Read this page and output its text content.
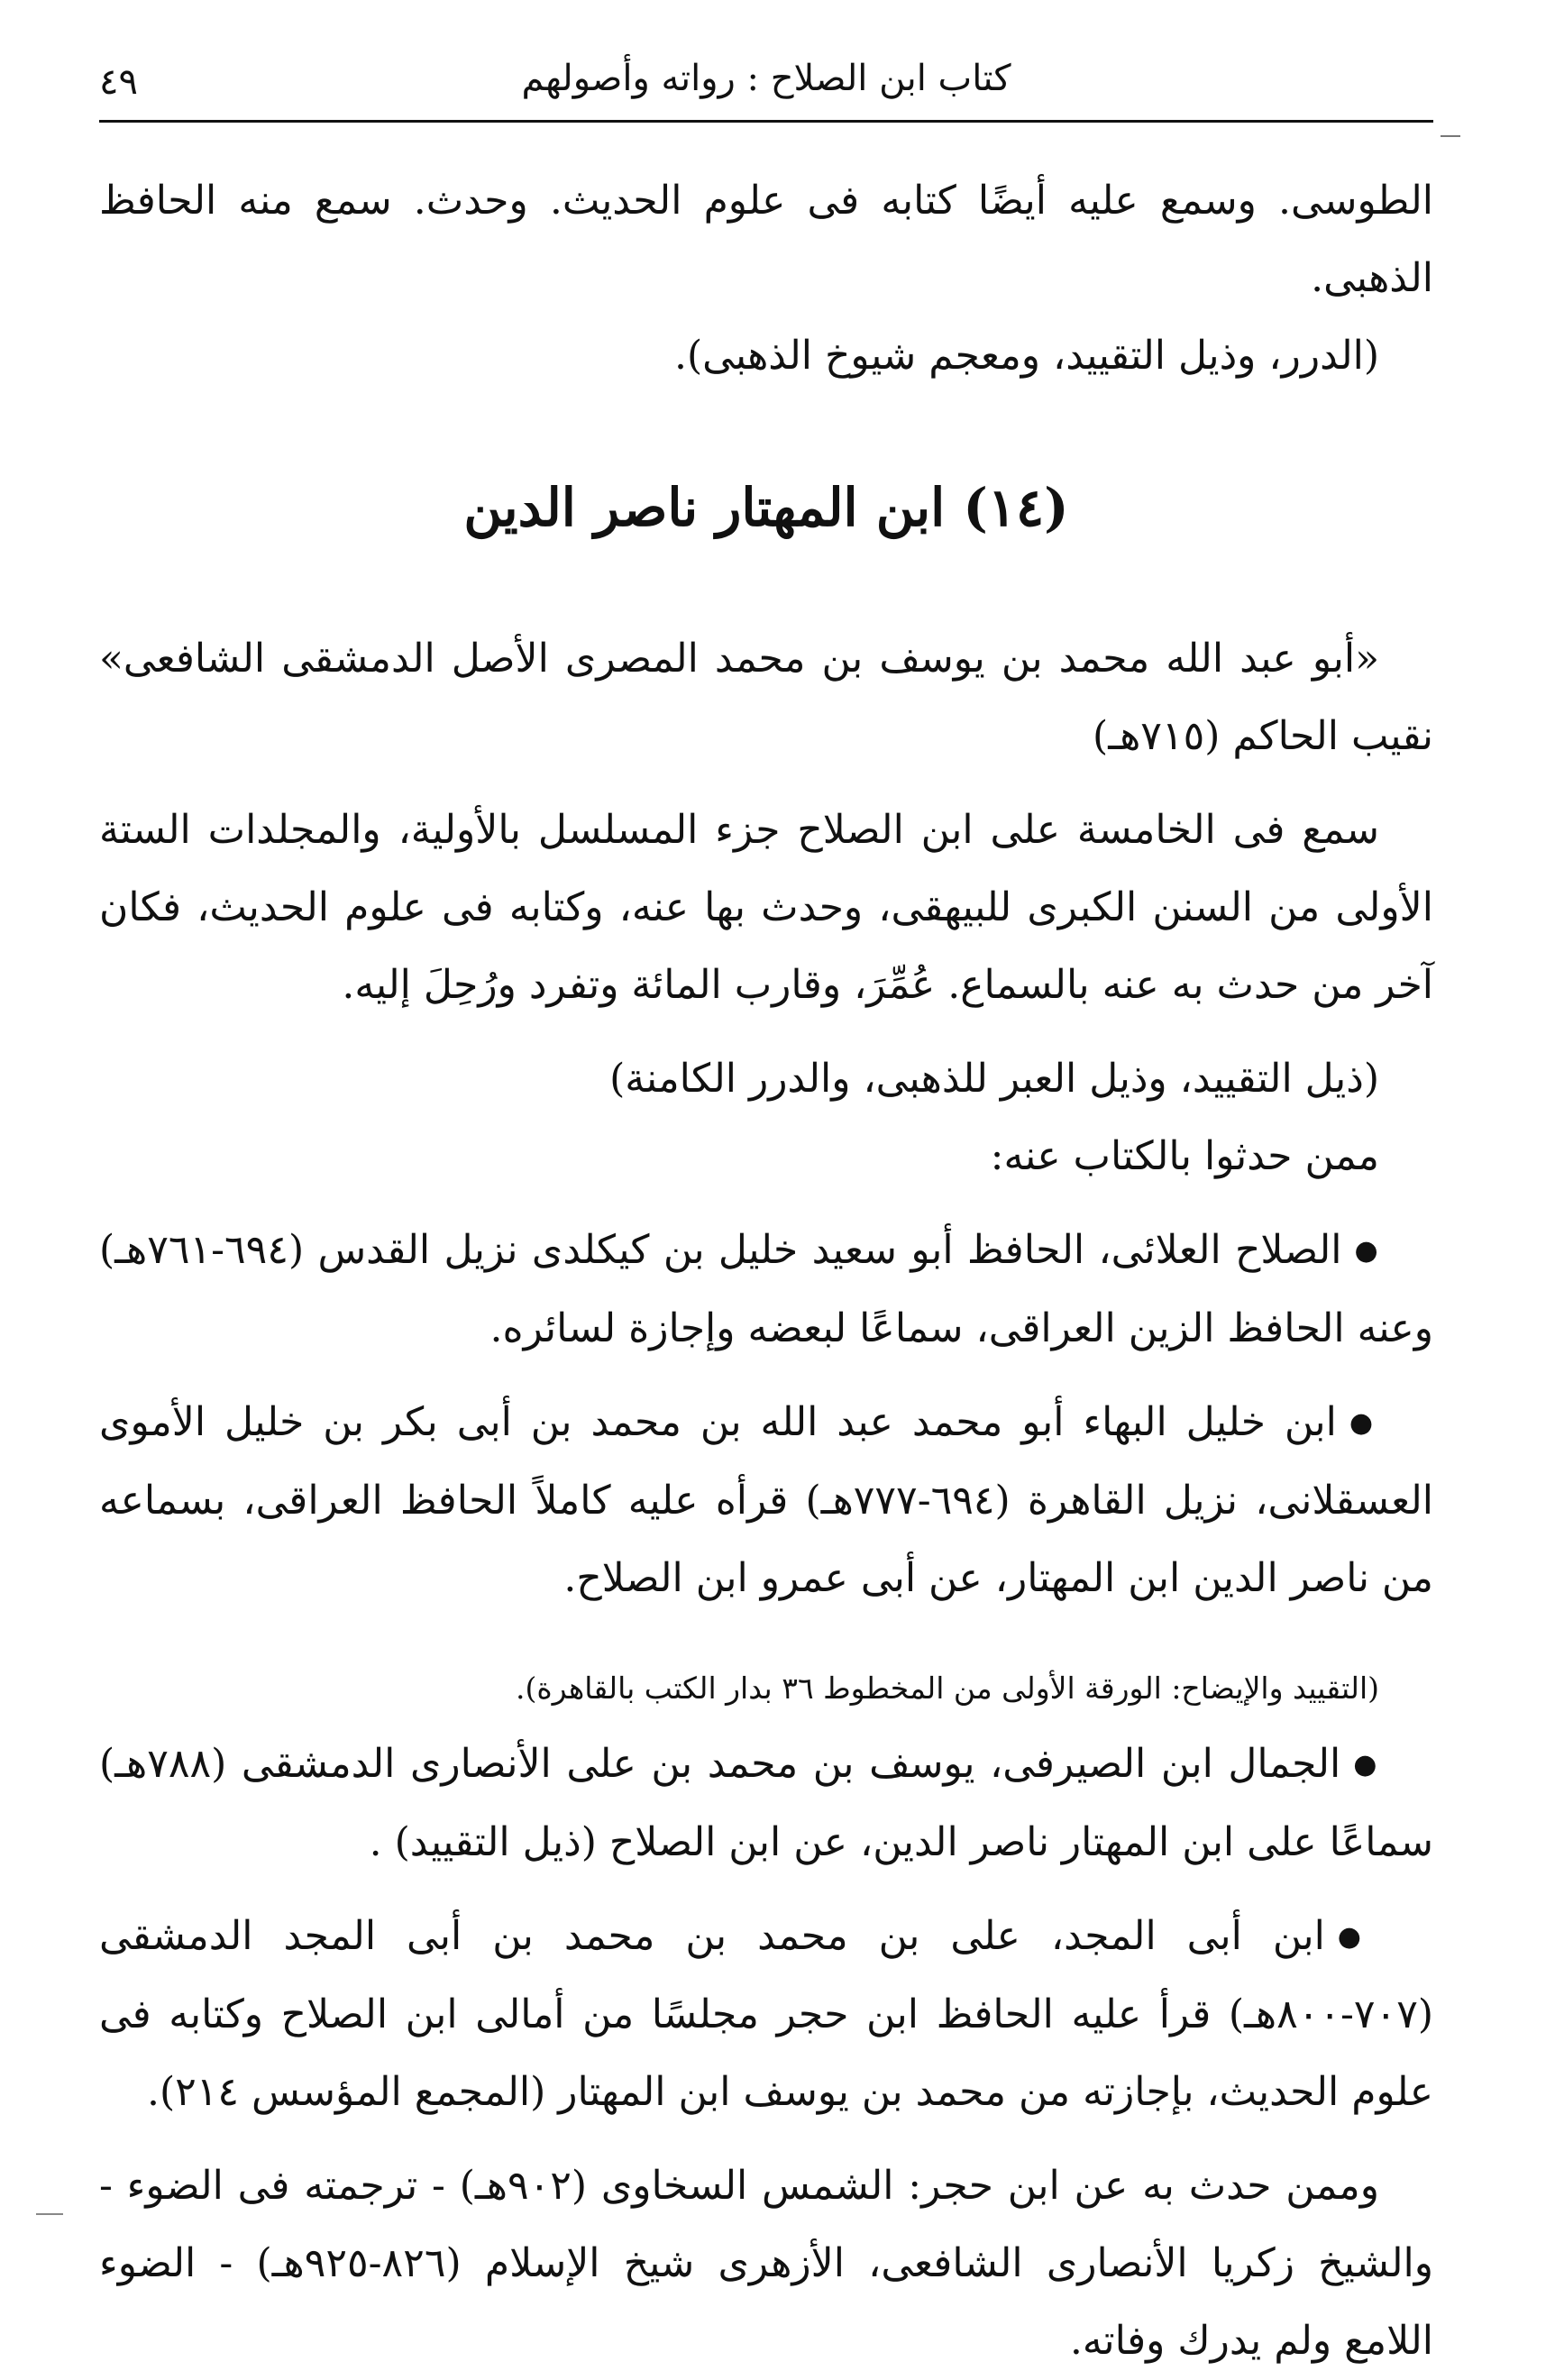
٤٩	كتاب ابن الصلاح : رواته وأصولهم

الطوسى. وسمع عليه أيضًا كتابه فى علوم الحديث. وحدث. سمع منه الحافظ الذهبى.

(الدرر، وذيل التقييد، ومعجم شيوخ الذهبى).

(١٤) ابن المهتار ناصر الدين

«أبو عبد الله محمد بن يوسف بن محمد المصرى الأصل الدمشقى الشافعى» نقيب الحاكم (٧١٥هـ)

سمع فى الخامسة على ابن الصلاح جزء المسلسل بالأولية، والمجلدات الستة الأولى من السنن الكبرى للبيهقى، وحدث بها عنه، وكتابه فى علوم الحديث، فكان آخر من حدث به عنه بالسماع. عُمِّرَ، وقارب المائة وتفرد ورُحِلَ إليه.

(ذيل التقييد، وذيل العبر للذهبى، والدرر الكامنة)

ممن حدثوا بالكتاب عنه:

●الصلاح العلائى، الحافظ أبو سعيد خليل بن كيكلدى نزيل القدس (٦٩٤-٧٦١هـ) وعنه الحافظ الزين العراقى، سماعًا لبعضه وإجازة لسائره.

●ابن خليل البهاء أبو محمد عبد الله بن محمد بن أبى بكر بن خليل الأموى العسقلانى، نزيل القاهرة (٦٩٤-٧٧٧هـ) قرأه عليه كاملاً الحافظ العراقى، بسماعه من ناصر الدين ابن المهتار، عن أبى عمرو ابن الصلاح.

(التقييد والإيضاح: الورقة الأولى من المخطوط ٣٦ بدار الكتب بالقاهرة).

●الجمال ابن الصيرفى، يوسف بن محمد بن على الأنصارى الدمشقى (٧٨٨هـ) سماعًا على ابن المهتار ناصر الدين، عن ابن الصلاح (ذيل التقييد) .

●ابن أبى المجد، على بن محمد بن محمد بن أبى المجد الدمشقى (٧٠٧-٨٠٠هـ) قرأ عليه الحافظ ابن حجر مجلسًا من أمالى ابن الصلاح وكتابه فى علوم الحديث، بإجازته من محمد بن يوسف ابن المهتار (المجمع المؤسس ٢١٤).

وممن حدث به عن ابن حجر: الشمس السخاوى (٩٠٢هـ) - ترجمته فى الضوء - والشيخ زكريا الأنصارى الشافعى، الأزهرى شيخ الإسلام (٨٢٦-٩٢٥هـ) - الضوء اللامع ولم يدرك وفاته.
